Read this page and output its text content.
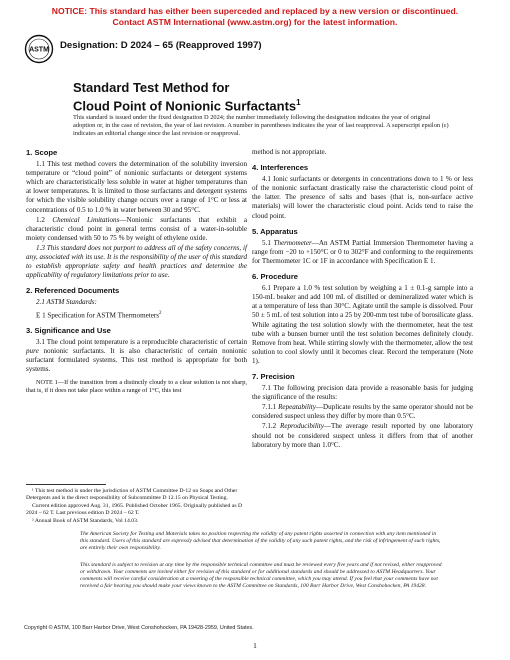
NOTICE: This standard has either been superceded and replaced by a new version or discontinued.
Contact ASTM International (www.astm.org) for the latest information.
ASTM Designation: D 2024 – 65 (Reapproved 1997)
Standard Test Method for
Cloud Point of Nonionic Surfactants$^1$
This standard is issued under the fixed designation D 2024; the number immediately following the designation indicates the year of original adoption or, in the case of revision, the year of last revision. A number in parentheses indicates the year of last reapproval. A superscript epsilon (ε) indicates an editorial change since the last revision or reapproval.
1. Scope

1.1 This test method covers the determination of the solubility inversion temperature or “cloud point” of nonionic surfactants or detergent systems which are characteristically less soluble in water at higher temperatures than at lower temperatures. It is limited to those surfactants and detergent systems for which the visible solubility change occurs over a range of 1°C or less at concentrations of 0.5 to 1.0 % in water between 30 and 95°C.

1.2 Chemical Limitations—Nonionic surfactants that exhibit a characteristic cloud point in general terms consist of a water-in-soluble moiety condensed with 50 to 75 % by weight of ethylene oxide.

1.3 This standard does not purport to address all of the safety concerns, if any, associated with its use. It is the responsibility of the user of this standard to establish appropriate safety and health practices and determine the applicability of regulatory limitations prior to use.

2. Referenced Documents

2.1 ASTM Standards:

E 1 Specification for ASTM Thermometers$^2$

3. Significance and Use

3.1 The cloud point temperature is a reproducible characteristic of certain pure nonionic surfactants. It is also characteristic of certain nonionic surfactant formulated systems. This test method is appropriate for both systems.

NOTE 1—If the transition from a distinctly cloudy to a clear solution is not sharp, that is, if it does not take place within a range of 1°C, this test

¹ This test method is under the jurisdiction of ASTM Committee D-12 on Soaps and Other Detergents and is the direct responsibility of Subcommittee D 12.15 on Physical Testing.

Current edition approved Aug. 31, 1965. Published October 1965. Originally published as D 2024 – 62 T. Last previous edition D 2024 – 62 T.

² Annual Book of ASTM Standards, Vol 14.03.

method is not appropriate.

4. Interferences

4.1 Ionic surfactants or detergents in concentrations down to 1 % or less of the nonionic surfactant drastically raise the characteristic cloud point of the latter. The presence of salts and bases (that is, non-surface active materials) will lower the characteristic cloud point. Acids tend to raise the cloud point.

5. Apparatus

5.1 Thermometer—An ASTM Partial Immersion Thermometer having a range from −20 to +150°C or 0 to 302°F and conforming to the requirements for Thermometer 1C or 1F in accordance with Specification E 1.

6. Procedure

6.1 Prepare a 1.0 % test solution by weighing a 1 ± 0.1-g sample into a 150-mL beaker and add 100 mL of distilled or demineralized water which is at a temperature of less than 30°C. Agitate until the sample is dissolved. Pour 50 ± 5 mL of test solution into a 25 by 200-mm test tube of borosilicate glass. While agitating the test solution slowly with the thermometer, heat the test tube with a bunsen burner until the test solution becomes definitely cloudy. Remove from heat. While stirring slowly with the thermometer, allow the test solution to cool slowly until it becomes clear. Record the temperature (Note 1).

7. Precision

7.1 The following precision data provide a reasonable basis for judging the significance of the results:

7.1.1 Repeatability—Duplicate results by the same operator should not be considered suspect unless they differ by more than 0.5°C.

7.1.2 Reproducibility—The average result reported by one laboratory should not be considered suspect unless it differs from that of another laboratory by more than 1.0°C.

The American Society for Testing and Materials takes no position respecting the validity of any patent rights asserted in connection with any item mentioned in this standard. Users of this standard are expressly advised that determination of the validity of any such patent rights, and the risk of infringement of such rights, are entirely their own responsibility.
This standard is subject to revision at any time by the responsible technical committee and must be reviewed every five years and if not revised, either reapproved or withdrawn. Your comments are invited either for revision of this standard or for additional standards and should be addressed to ASTM Headquarters. Your comments will receive careful consideration at a meeting of the responsible technical committee, which you may attend. If you feel that your comments have not received a fair hearing you should make your views known to the ASTM Committee on Standards, 100 Barr Harbor Drive, West Conshohocken, PA 19428.
Copyright © ASTM, 100 Barr Harbor Drive, West Conshohocken, PA 19428-2959, United States.
1
